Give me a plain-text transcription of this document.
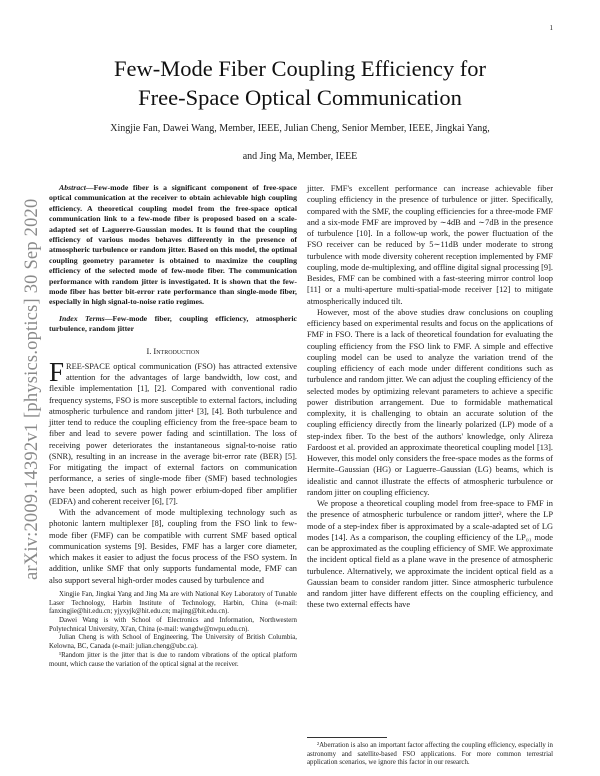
1
arXiv:2009.14392v1 [physics.optics] 30 Sep 2020
Few-Mode Fiber Coupling Efficiency for
Free-Space Optical Communication
Xingjie Fan, Dawei Wang, Member, IEEE, Julian Cheng, Senior Member, IEEE, Jingkai Yang,
and Jing Ma, Member, IEEE

Abstract—Few-mode fiber is a significant component of free-space optical communication at the receiver to obtain achievable high coupling efficiency. A theoretical coupling model from the free-space optical communication link to a few-mode fiber is proposed based on a scale-adapted set of Laguerre-Gaussian modes. It is found that the coupling efficiency of various modes behaves differently in the presence of atmospheric turbulence or random jitter. Based on this model, the optimal coupling geometry parameter is obtained to maximize the coupling efficiency of the selected mode of few-mode fiber. The communication performance with random jitter is investigated. It is shown that the few-mode fiber has better bit-error rate performance than single-mode fiber, especially in high signal-to-noise ratio regimes.

Index Terms—Few-mode fiber, coupling efficiency, atmospheric turbulence, random jitter

I. Introduction

FREE-SPACE optical communication (FSO) has attracted extensive attention for the advantages of large bandwidth, low cost, and flexible implementation [1], [2]. Compared with conventional radio frequency systems, FSO is more susceptible to external factors, including atmospheric turbulence and random jitter¹ [3], [4]. Both turbulence and jitter tend to reduce the coupling efficiency from the free-space beam to fiber and lead to severe power fading and scintillation. The loss of receiving power deteriorates the instantaneous signal-to-noise ratio (SNR), resulting in an increase in the average bit-error rate (BER) [5]. For mitigating the impact of external factors on communication performance, a series of single-mode fiber (SMF) based technologies have been adopted, such as high power erbium-doped fiber amplifier (EDFA) and coherent receiver [6], [7].

With the advancement of mode multiplexing technology such as photonic lantern multiplexer [8], coupling from the FSO link to few-mode fiber (FMF) can be compatible with current SMF based optical communication systems [9]. Besides, FMF has a larger core diameter, which makes it easier to adjust the focus process of the FSO system. In addition, unlike SMF that only supports fundamental mode, FMF can also support several high-order modes caused by turbulence and

Xingjie Fan, Jingkai Yang and Jing Ma are with National Key Laboratory of Tunable Laser Technology, Harbin Institute of Technology, Harbin, China (e-mail: fanxingjie@hit.edu.cn; yjyxyjk@hit.edu.cn; majing@hit.edu.cn).

Dawei Wang is with School of Electronics and Information, Northwestern Polytechnical University, Xi'an, China (e-mail: wangdw@nwpu.edu.cn).

Julian Cheng is with School of Engineering, The University of British Columbia, Kelowna, BC, Canada (e-mail: julian.cheng@ubc.ca).

¹Random jitter is the jitter that is due to random vibrations of the optical platform mount, which cause the variation of the optical signal at the receiver.

jitter. FMF's excellent performance can increase achievable fiber coupling efficiency in the presence of turbulence or jitter. Specifically, compared with the SMF, the coupling efficiencies for a three-mode FMF and a six-mode FMF are improved by ∼4dB and ∼7dB in the presence of turbulence [10]. In a follow-up work, the power fluctuation of the FSO receiver can be reduced by 5∼11dB under moderate to strong turbulence with mode diversity coherent reception implemented by FMF coupling, mode de-multiplexing, and offline digital signal processing [9]. Besides, FMF can be combined with a fast-steering mirror control loop [11] or a multi-aperture multi-spatial-mode receiver [12] to mitigate atmospherically induced tilt.

However, most of the above studies draw conclusions on coupling efficiency based on experimental results and focus on the applications of FMF in FSO. There is a lack of theoretical foundation for evaluating the coupling efficiency from the FSO link to FMF. A simple and effective coupling model can be used to analyze the variation trend of the coupling efficiency of each mode under different conditions such as turbulence and random jitter. We can adjust the coupling efficiency of the selected modes by optimizing relevant parameters to achieve a specific power distribution arrangement. Due to formidable mathematical complexity, it is challenging to obtain an accurate solution of the coupling efficiency directly from the linearly polarized (LP) mode of a step-index fiber. To the best of the authors' knowledge, only Alireza Fardoost et al. provided an approximate theoretical coupling model [13]. However, this model only considers the free-space modes as the forms of Hermite–Gaussian (HG) or Laguerre–Gaussian (LG) beams, which is idealistic and cannot illustrate the effects of atmospheric turbulence or random jitter on coupling efficiency.

We propose a theoretical coupling model from free-space to FMF in the presence of atmospheric turbulence or random jitter², where the LP mode of a step-index fiber is approximated by a scale-adapted set of LG modes [14]. As a comparison, the coupling efficiency of the LP₀₁ mode can be approximated as the coupling efficiency of SMF. We approximate the incident optical field as a plane wave in the presence of atmospheric turbulence. Alternatively, we approximate the incident optical field as a Gaussian beam to consider random jitter. Since atmospheric turbulence and random jitter have different effects on the coupling efficiency, and these two external effects have

²Aberration is also an important factor affecting the coupling efficiency, especially in astronomy and satellite-based FSO applications. For more common terrestrial application scenarios, we ignore this factor in our research.
